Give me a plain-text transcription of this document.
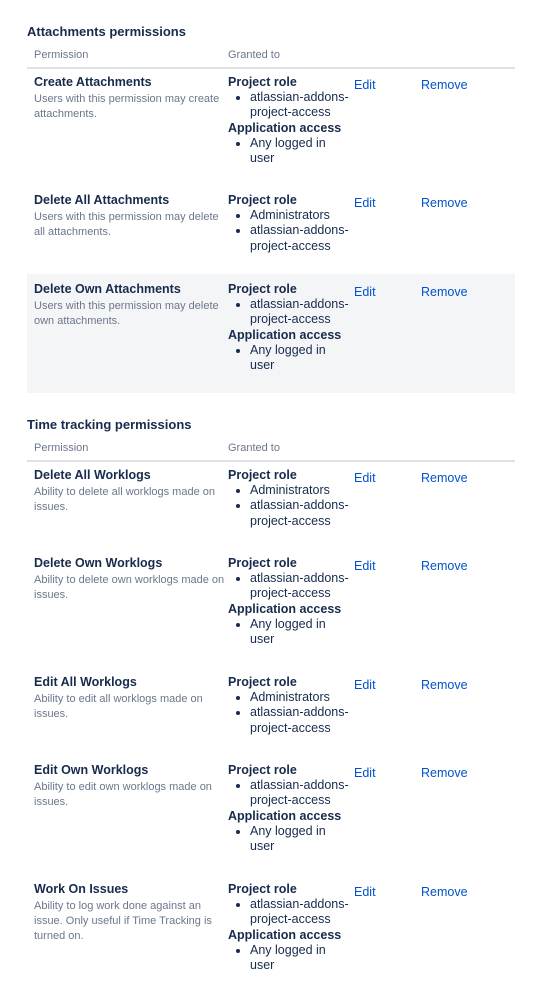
Attachments permissions
Permission	Granted to
Create Attachments
Users with this permission may create attachments.
Project role
atlassian-addons-project-access
Application access
Any logged in user
Edit	Remove
Delete All Attachments
Users with this permission may delete all attachments.
Project role
Administrators
atlassian-addons-project-access
Edit	Remove
Delete Own Attachments
Users with this permission may delete own attachments.
Project role
atlassian-addons-project-access
Application access
Any logged in user
Edit	Remove
Time tracking permissions
Permission	Granted to
Delete All Worklogs
Ability to delete all worklogs made on issues.
Project role
Administrators
atlassian-addons-project-access
Edit	Remove
Delete Own Worklogs
Ability to delete own worklogs made on issues.
Project role
atlassian-addons-project-access
Application access
Any logged in user
Edit	Remove
Edit All Worklogs
Ability to edit all worklogs made on issues.
Project role
Administrators
atlassian-addons-project-access
Edit	Remove
Edit Own Worklogs
Ability to edit own worklogs made on issues.
Project role
atlassian-addons-project-access
Application access
Any logged in user
Edit	Remove
Work On Issues
Ability to log work done against an issue. Only useful if Time Tracking is turned on.
Project role
atlassian-addons-project-access
Application access
Any logged in user
Edit	Remove
